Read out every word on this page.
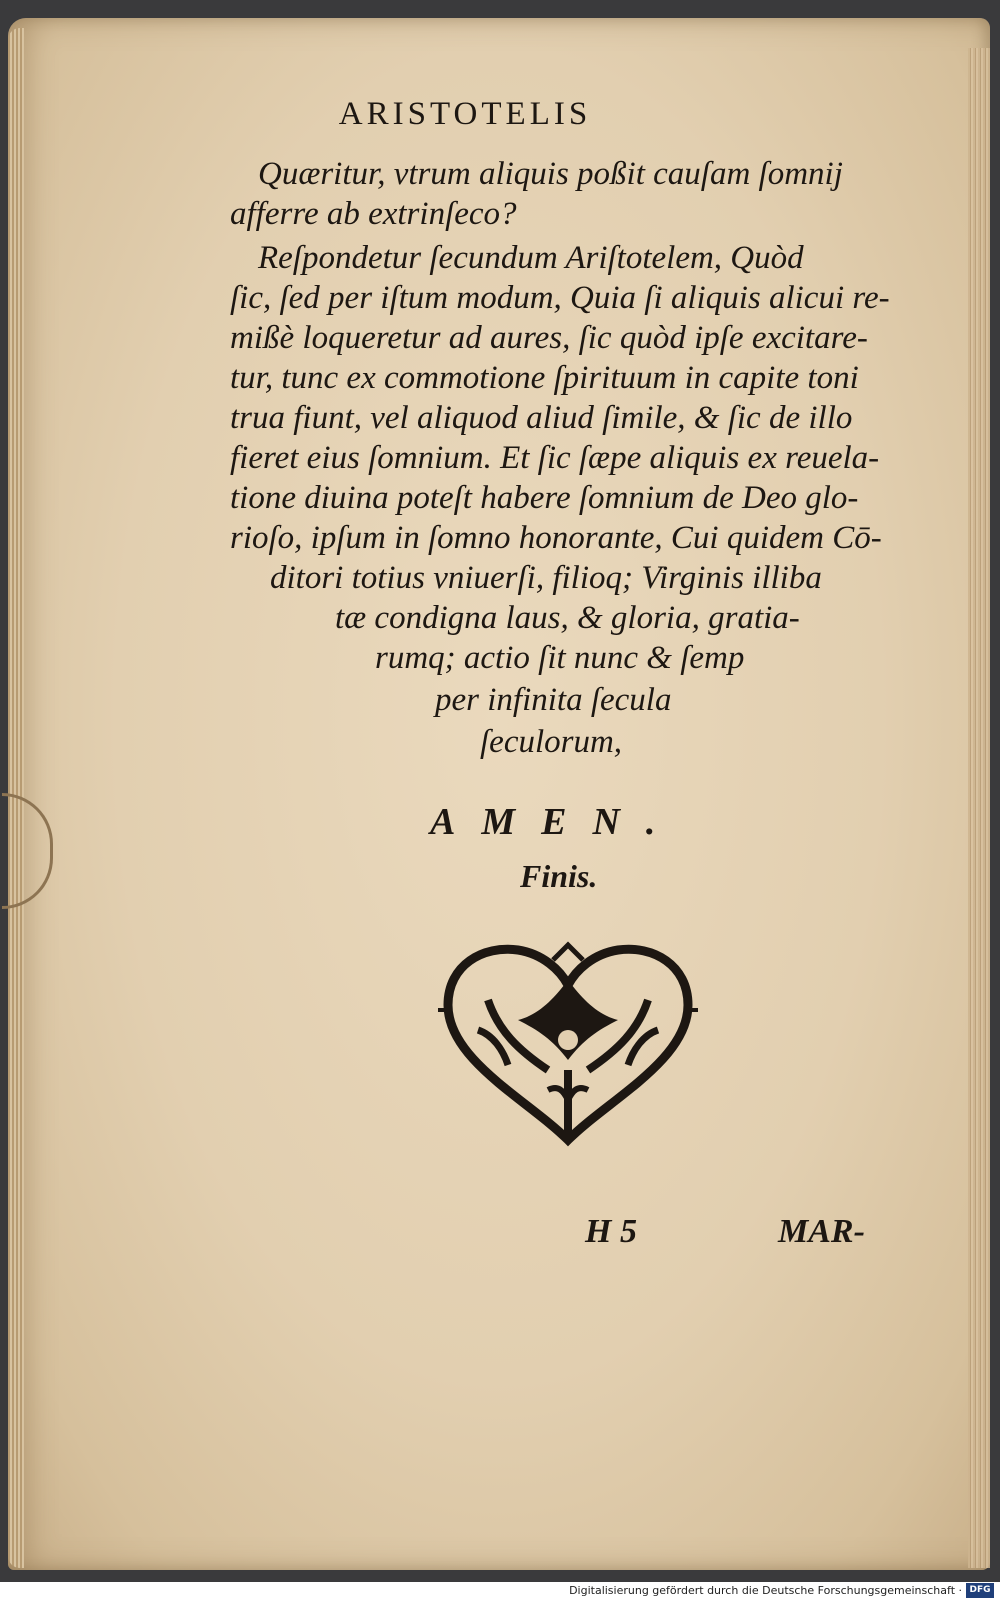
ARISTOTELIS
Quæritur, vtrum aliquis poßit cauſam ſomnij
afferre ab extrinſeco?
Reſpondetur ſecundum Ariſtotelem, Quòd
ſic, ſed per iſtum modum, Quia ſi aliquis alicui re-
mißè loqueretur ad aures, ſic quòd ipſe excitare-
tur, tunc ex commotione ſpirituum in capite toni
trua fiunt, vel aliquod aliud ſimile, & ſic de illo
fieret eius ſomnium. Et ſic ſæpe aliquis ex reuela-
tione diuina poteſt habere ſomnium de Deo glo-
rioſo, ipſum in ſomno honorante, Cui quidem Cō-
ditori totius vniuerſi, filioq; Virginis illiba
tæ condigna laus, & gloria, gratia-
rumq; actio ſit nunc & ſemp
per infinita ſecula
ſeculorum,
AMEN.
Finis.
H 5	MAR-
Digitalisierung gefördert durch die Deutsche Forschungsgemeinschaft · DFG
